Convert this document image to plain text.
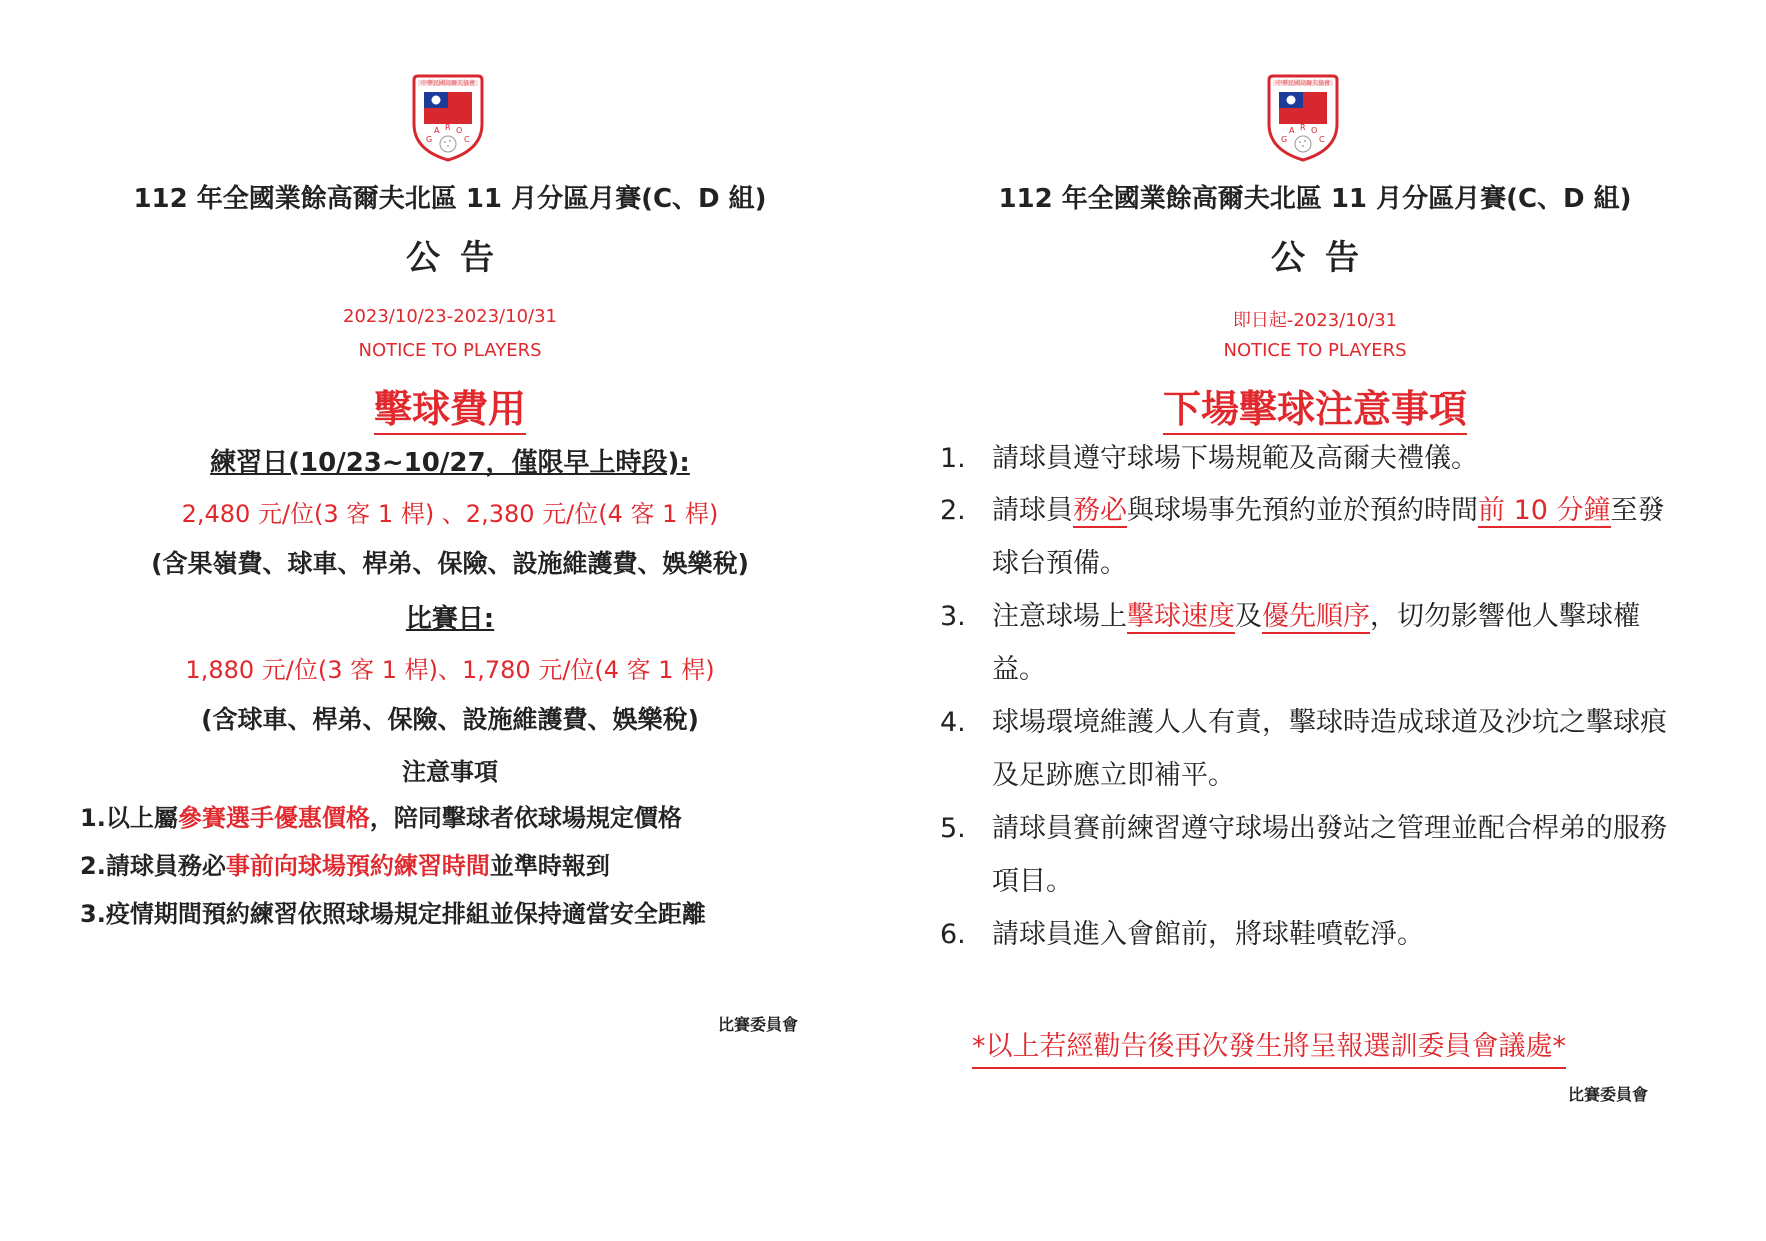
中華民國高爾夫協會
G
A R O
C
112 年全國業餘高爾夫北區 11 月分區月賽(C、D 組)
公告
2023/10/23-2023/10/31
NOTICE TO PLAYERS
擊球費用
練習日(10/23~10/27，僅限早上時段):
2,480 元/位(3 客 1 桿) 、2,380 元/位(4 客 1 桿)
(含果嶺費、球車、桿弟、保險、設施維護費、娛樂稅)
比賽日:
1,880 元/位(3 客 1 桿)、1,780 元/位(4 客 1 桿)
(含球車、桿弟、保險、設施維護費、娛樂稅)
注意事項
1.以上屬參賽選手優惠價格，陪同擊球者依球場規定價格
2.請球員務必事前向球場預約練習時間並準時報到
3.疫情期間預約練習依照球場規定排組並保持適當安全距離
比賽委員會
中華民國高爾夫協會
G
A R O
C
112 年全國業餘高爾夫北區 11 月分區月賽(C、D 組)
公告
即日起-2023/10/31
NOTICE TO PLAYERS
下場擊球注意事項
1. 請球員遵守球場下場規範及高爾夫禮儀。
2. 請球員務必與球場事先預約並於預約時間前 10 分鐘至發球台預備。
3. 注意球場上擊球速度及優先順序，切勿影響他人擊球權益。
4. 球場環境維護人人有責，擊球時造成球道及沙坑之擊球痕及足跡應立即補平。
5. 請球員賽前練習遵守球場出發站之管理並配合桿弟的服務項目。
6. 請球員進入會館前，將球鞋噴乾淨。
*以上若經勸告後再次發生將呈報選訓委員會議處*
比賽委員會
